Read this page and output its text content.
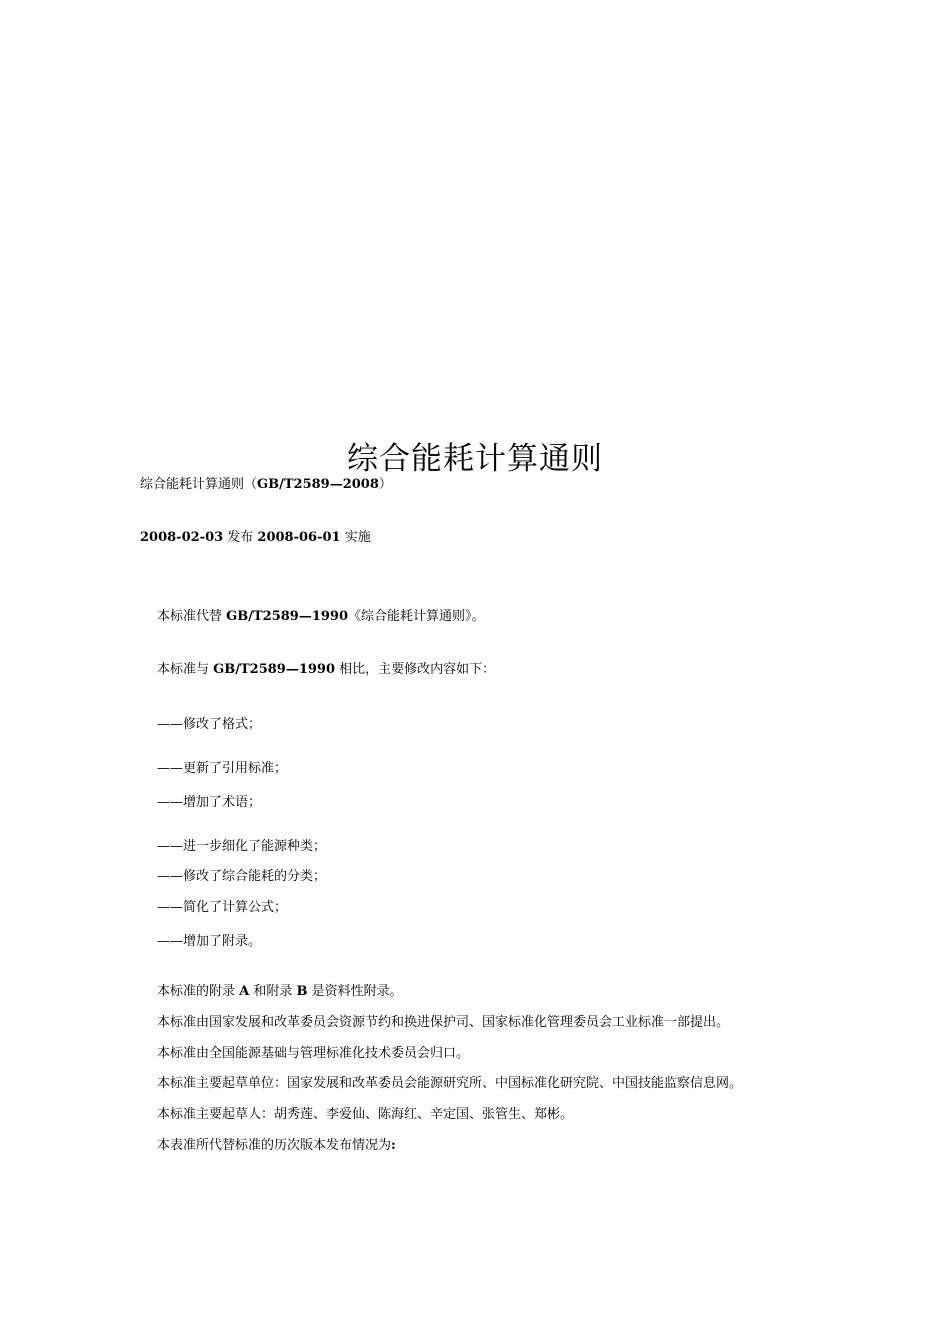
综合能耗计算通则
综合能耗计算通则（GB/T2589—2008）
2008-02-03 发布 2008-06-01 实施
本标准代替 GB/T2589—1990《综合能耗计算通则》。
本标准与 GB/T2589—1990 相比，主要修改内容如下：
——修改了格式；
——更新了引用标准；
——增加了术语；
——进一步细化了能源种类；
——修改了综合能耗的分类；
——简化了计算公式；
——增加了附录。
本标准的附录 A 和附录 B 是资料性附录。
本标准由国家发展和改革委员会资源节约和换进保护司、国家标准化管理委员会工业标准一部提出。
本标准由全国能源基础与管理标准化技术委员会归口。
本标准主要起草单位：国家发展和改革委员会能源研究所、中国标准化研究院、中国技能监察信息网。
本标准主要起草人：胡秀莲、李爱仙、陈海红、辛定国、张管生、郑彬。
本表准所代替标准的历次版本发布情况为:
